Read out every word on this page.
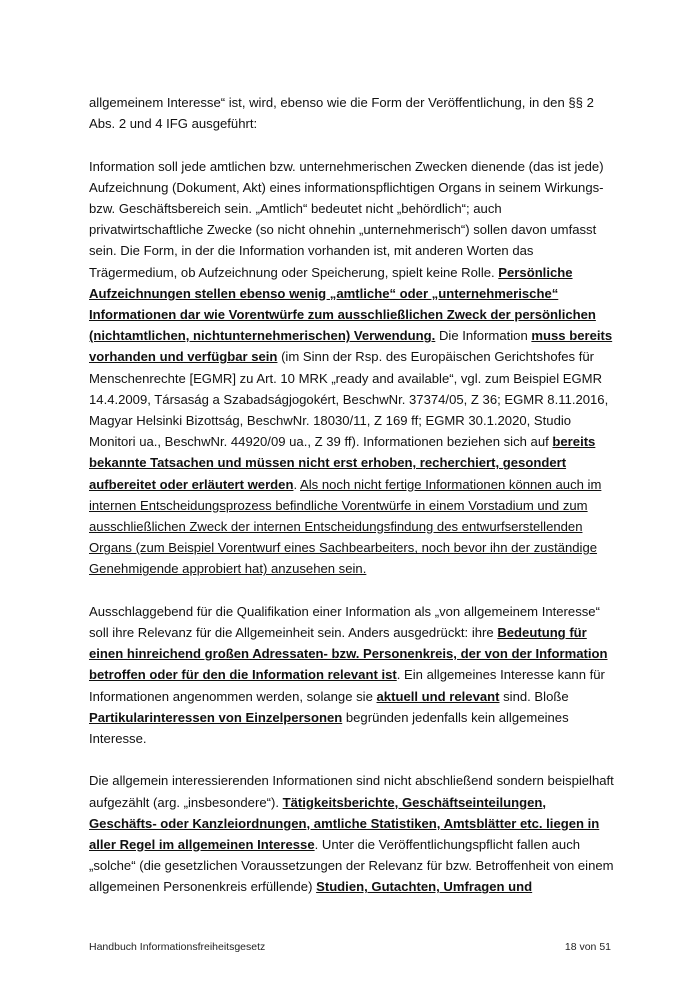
allgemeinem Interesse“ ist, wird, ebenso wie die Form der Veröffentlichung, in den §§ 2 Abs. 2 und 4 IFG ausgeführt:

Information soll jede amtlichen bzw. unternehmerischen Zwecken dienende (das ist jede) Aufzeichnung (Dokument, Akt) eines informationspflichtigen Organs in seinem Wirkungs- bzw. Geschäftsbereich sein. „Amtlich“ bedeutet nicht „behördlich“; auch privatwirtschaftliche Zwecke (so nicht ohnehin „unternehmerisch“) sollen davon umfasst sein. Die Form, in der die Information vorhanden ist, mit anderen Worten das Trägermedium, ob Aufzeichnung oder Speicherung, spielt keine Rolle. Persönliche Aufzeichnungen stellen ebenso wenig „amtliche“ oder „unternehmerische“ Informationen dar wie Vorentwürfe zum ausschließlichen Zweck der persönlichen (nichtamtlichen, nichtunternehmerischen) Verwendung. Die Information muss bereits vorhanden und verfügbar sein (im Sinn der Rsp. des Europäischen Gerichtshofes für Menschenrechte [EGMR] zu Art. 10 MRK „ready and available“, vgl. zum Beispiel EGMR 14.4.2009, Társaság a Szabadságjogokért, BeschwNr. 37374/05, Z 36; EGMR 8.11.2016, Magyar Helsinki Bizottság, BeschwNr. 18030/11, Z 169 ff; EGMR 30.1.2020, Studio Monitori ua., BeschwNr. 44920/09 ua., Z 39 ff). Informationen beziehen sich auf bereits bekannte Tatsachen und müssen nicht erst erhoben, recherchiert, gesondert aufbereitet oder erläutert werden. Als noch nicht fertige Informationen können auch im internen Entscheidungsprozess befindliche Vorentwürfe in einem Vorstadium und zum ausschließlichen Zweck der internen Entscheidungsfindung des entwurfserstellenden Organs (zum Beispiel Vorentwurf eines Sachbearbeiters, noch bevor ihn der zuständige Genehmigende approbiert hat) anzusehen sein.

Ausschlaggebend für die Qualifikation einer Information als „von allgemeinem Interesse“ soll ihre Relevanz für die Allgemeinheit sein. Anders ausgedrückt: ihre Bedeutung für einen hinreichend großen Adressaten- bzw. Personenkreis, der von der Information betroffen oder für den die Information relevant ist. Ein allgemeines Interesse kann für Informationen angenommen werden, solange sie aktuell und relevant sind. Bloße Partikularinteressen von Einzelpersonen begründen jedenfalls kein allgemeines Interesse.

Die allgemein interessierenden Informationen sind nicht abschließend sondern beispielhaft aufgezählt (arg. „insbesondere“). Tätigkeitsberichte, Geschäftseinteilungen, Geschäfts- oder Kanzleiordnungen, amtliche Statistiken, Amtsblätter etc. liegen in aller Regel im allgemeinen Interesse. Unter die Veröffentlichungspflicht fallen auch „solche“ (die gesetzlichen Voraussetzungen der Relevanz für bzw. Betroffenheit von einem allgemeinen Personenkreis erfüllende) Studien, Gutachten, Umfragen und

Handbuch Informationsfreiheitsgesetz	18 von 51
